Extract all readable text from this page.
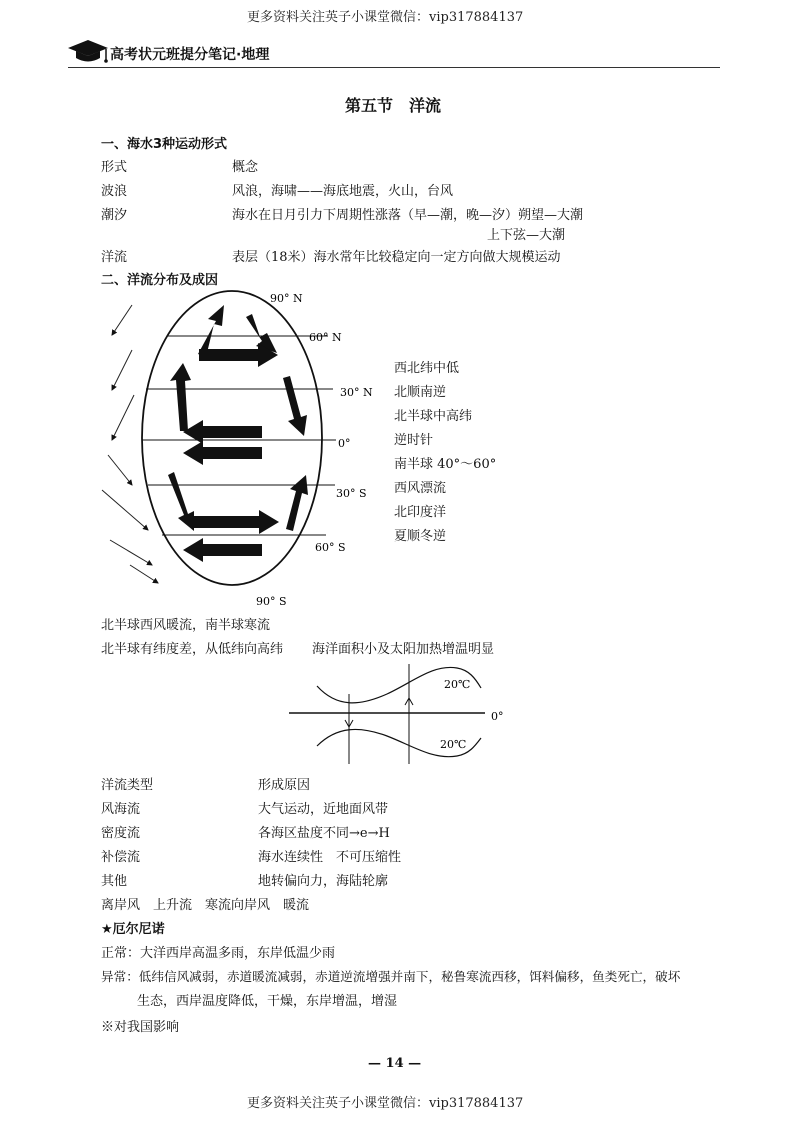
更多资料关注英子小课堂微信：vip317884137
高考状元班提分笔记·地理
第五节　洋流
一、海水3种运动形式
形式	概念
波浪	风浪，海啸——海底地震，火山，台风
潮汐	海水在日月引力下周期性涨落（早—潮，晚—汐）朔望—大潮
上下弦—大潮
洋流	表层（18米）海水常年比较稳定向一定方向做大规模运动
二、洋流分布及成因
90° N
60° N
30° N
0°
30° S
60° S
90° S
西北纬中低
北顺南逆
北半球中高纬
逆时针
南半球 40°～60°
西风漂流
北印度洋
夏顺冬逆
北半球西风暖流，南半球寒流
北半球有纬度差，从低纬向高纬 海洋面积小及太阳加热增温明显
20℃
20℃
0°
洋流类型	形成原因
风海流	大气运动，近地面风带
密度流	各海区盐度不同→e→H
补偿流	海水连续性　不可压缩性
其他	地转偏向力，海陆轮廓
离岸风　上升流　寒流向岸风　暖流
★厄尔尼诺
正常：大洋西岸高温多雨，东岸低温少雨
异常：低纬信风减弱，赤道暖流减弱，赤道逆流增强并南下，秘鲁寒流西移，饵料偏移，鱼类死亡，破坏
生态，西岸温度降低，干燥，东岸增温，增湿
※对我国影响
— 14 —
更多资料关注英子小课堂微信：vip317884137
